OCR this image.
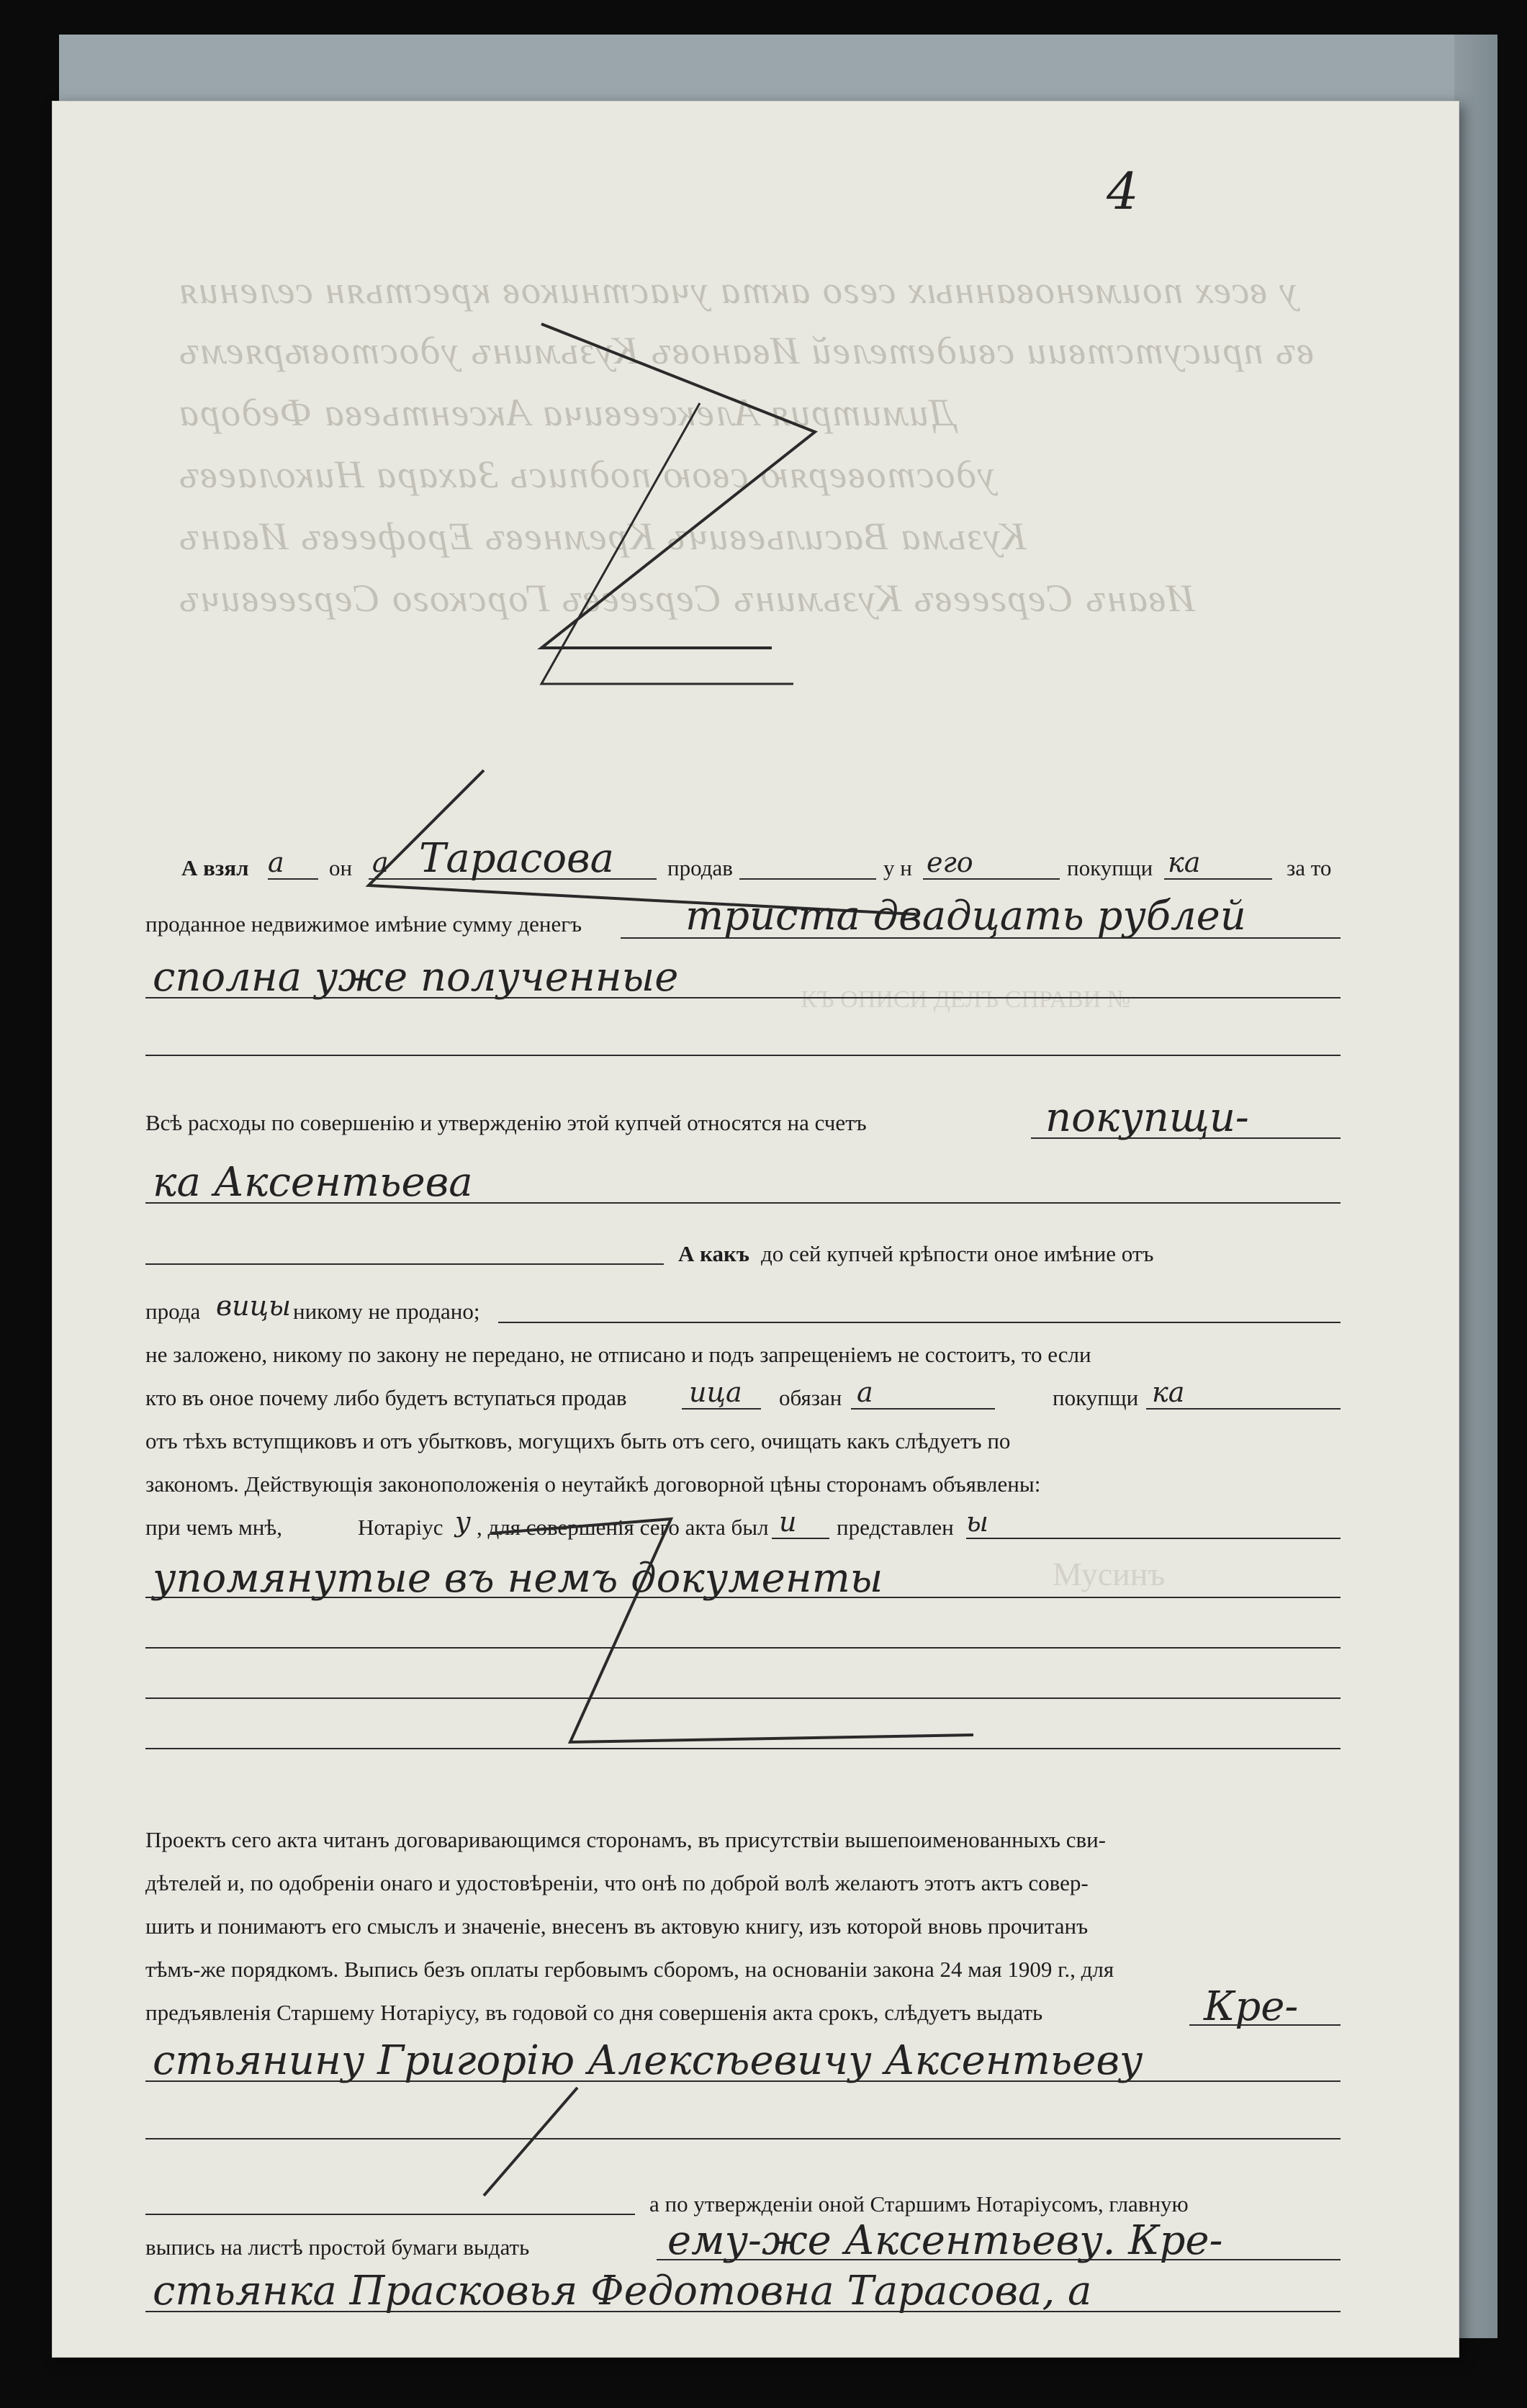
4
у всех поименованных сего акта участников крестьян селения
въ присутствии свидетелей Ивановъ Кузьминъ удостовѣряемъ
Димитрия Алексеевича Аксентьева Федора
удостоверяю свою подпись Захара Николаевъ
Кузьма Васильевичъ Кремневъ Ерофеевъ Иванъ
Иванъ Сергеевъ Кузьминъ Сергеевъ Горского Сергеевичъ
КЪ ОПИСИ ДЕЛЪ СПРАВИ №
Мусинъ
А взял а он а Тарасова продав	у н его	покупщи ка	за то
проданное недвижимое имѣние сумму денегъ	триста двадцать рублей
сполна уже полученные
Всѣ расходы по совершенію и утвержденію этой купчей относятся на счетъ	покупщи-
ка Аксентьева
А какъ до сей купчей крѣпости оное имѣние отъ
прода вицы никому не продано;
не заложено, никому по закону не передано, не отписано и подъ запрещеніемъ не состоитъ, то если
кто въ оное почему либо будетъ вступаться продав ица обязан а	покупщи ка
отъ тѣхъ вступщиковъ и отъ убытковъ, могущихъ быть отъ сего, очищать какъ слѣдуетъ по
закономъ. Действующія законоположенія о неутайкѣ договорной цѣны сторонамъ объявлены:
при чемъ мнѣ,	Нотаріус у , для совершенія сего акта был и представлен ы
упомянутые въ немъ документы
Проектъ сего акта читанъ договаривающимся сторонамъ, въ присутствіи вышепоименованныхъ сви-
дѣтелей и, по одобреніи онаго и удостовѣреніи, что онѣ по доброй волѣ желаютъ этотъ актъ совер-
шить и понимаютъ его смыслъ и значеніе, внесенъ въ актовую книгу, изъ которой вновь прочитанъ
тѣмъ-же порядкомъ. Выпись безъ оплаты гербовымъ сборомъ, на основаніи закона 24 мая 1909 г., для
предъявленія Старшему Нотаріусу, въ годовой со дня совершенія акта срокъ, слѣдуетъ выдать	Кре-
стьянину Григорію Алексѣевичу Аксентьеву
а по утвержденіи оной Старшимъ Нотаріусомъ, главную
выпись на листѣ простой бумаги выдать	ему-же Аксентьеву. Кре-
стьянка Прасковья Федотовна Тарасова, а
